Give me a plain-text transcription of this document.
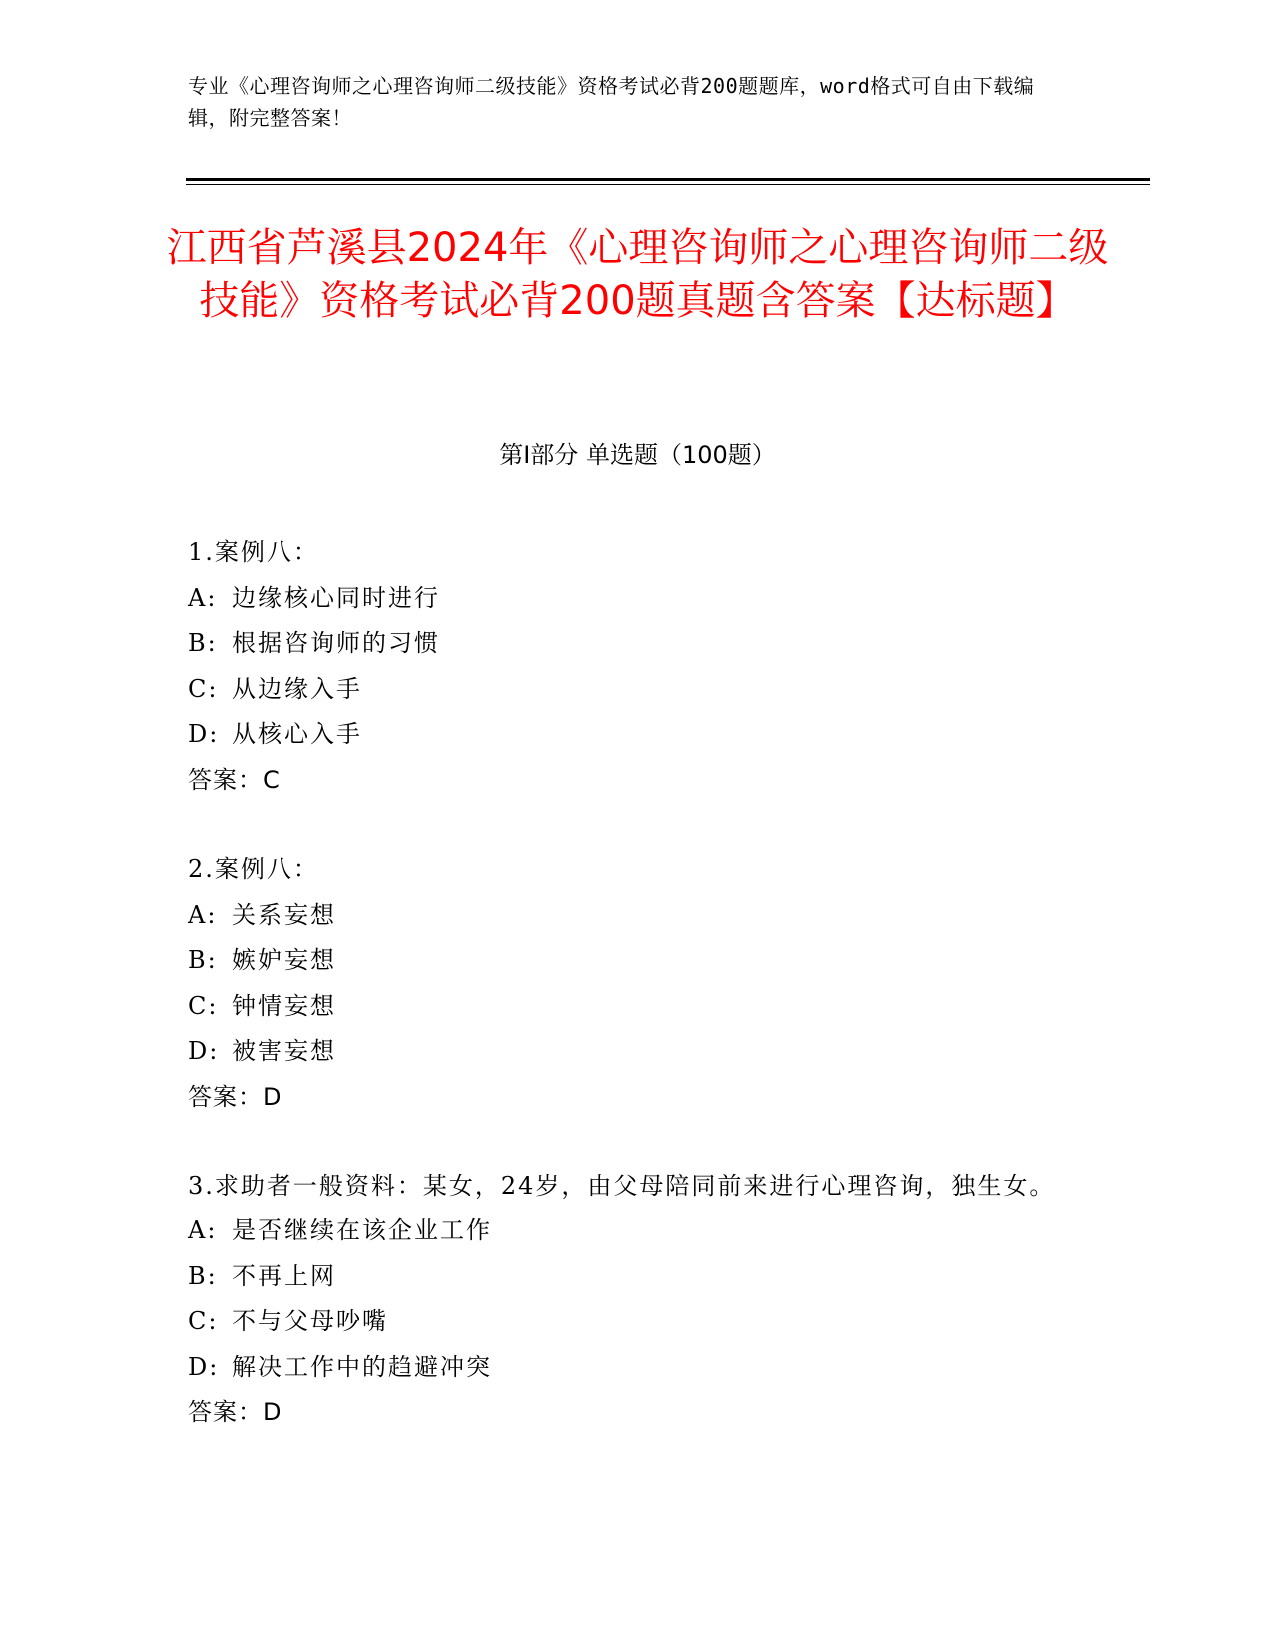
专业《心理咨询师之心理咨询师二级技能》资格考试必背200题题库，word格式可自由下载编辑，附完整答案！
江西省芦溪县2024年《心理咨询师之心理咨询师二级技能》资格考试必背200题真题含答案【达标题】
第Ⅰ部分 单选题（100题）
1.案例八：
A: 边缘核心同时进行
B: 根据咨询师的习惯
C: 从边缘入手
D: 从核心入手
答案：C
2.案例八：
A: 关系妄想
B: 嫉妒妄想
C: 钟情妄想
D: 被害妄想
答案：D
3.求助者一般资料：某女，24岁，由父母陪同前来进行心理咨询，独生女。
A: 是否继续在该企业工作
B: 不再上网
C: 不与父母吵嘴
D: 解决工作中的趋避冲突
答案：D
